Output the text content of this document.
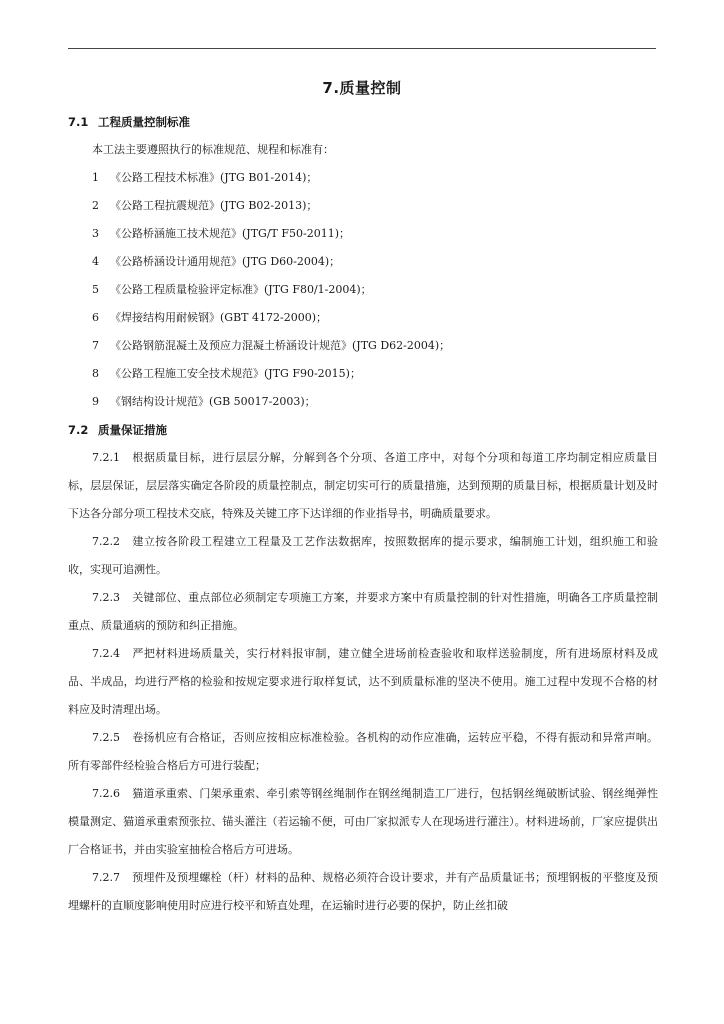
7.质量控制
7.1 工程质量控制标准
本工法主要遵照执行的标准规范、规程和标准有：
1 《公路工程技术标准》(JTG B01-2014)；
2 《公路工程抗震规范》(JTG B02-2013)；
3 《公路桥涵施工技术规范》(JTG/T F50-2011)；
4 《公路桥涵设计通用规范》(JTG D60-2004)；
5 《公路工程质量检验评定标准》(JTG F80/1-2004)；
6 《焊接结构用耐候钢》(GBT 4172-2000)；
7 《公路钢筋混凝土及预应力混凝土桥涵设计规范》(JTG D62-2004)；
8 《公路工程施工安全技术规范》(JTG F90-2015)；
9 《钢结构设计规范》(GB 50017-2003)；
7.2 质量保证措施
7.2.1 根据质量目标，进行层层分解，分解到各个分项、各道工序中，对每个分项和每道工序均制定相应质量目标，层层保证，层层落实确定各阶段的质量控制点，制定切实可行的质量措施，达到预期的质量目标，根据质量计划及时下达各分部分项工程技术交底，特殊及关键工序下达详细的作业指导书，明确质量要求。
7.2.2 建立按各阶段工程建立工程量及工艺作法数据库，按照数据库的提示要求，编制施工计划，组织施工和验收，实现可追溯性。
7.2.3 关键部位、重点部位必须制定专项施工方案，并要求方案中有质量控制的针对性措施，明确各工序质量控制重点、质量通病的预防和纠正措施。
7.2.4 严把材料进场质量关，实行材料报审制，建立健全进场前检查验收和取样送验制度，所有进场原材料及成品、半成品，均进行严格的检验和按规定要求进行取样复试，达不到质量标准的坚决不使用。施工过程中发现不合格的材料应及时清理出场。
7.2.5 卷扬机应有合格证，否则应按相应标准检验。各机构的动作应准确，运转应平稳，不得有振动和异常声响。所有零部件经检验合格后方可进行装配；
7.2.6 猫道承重索、门架承重索、牵引索等钢丝绳制作在钢丝绳制造工厂进行，包括钢丝绳破断试验、钢丝绳弹性模量测定、猫道承重索预张拉、锚头灌注（若运输不便，可由厂家拟派专人在现场进行灌注）。材料进场前，厂家应提供出厂合格证书，并由实验室抽检合格后方可进场。
7.2.7 预埋件及预埋螺栓（杆）材料的品种、规格必须符合设计要求，并有产品质量证书；预埋钢板的平整度及预埋螺杆的直顺度影响使用时应进行校平和矫直处理，在运输时进行必要的保护，防止丝扣破
